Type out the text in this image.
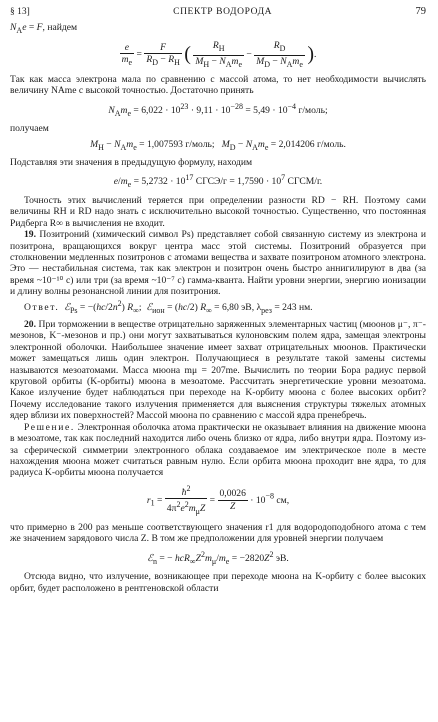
§ 13]	СПЕКТР ВОДОРОДА	79

$N_Ae = F$, найдем

$\frac{e}{m_e} = \frac{F}{R_D - R_H}$ ( $\frac{R_H}{M_H - N_Am_e} - \frac{R_D}{M_D - N_Am_e}$ ).

Так как масса электрона мала по сравнению с массой атома, то нет необходимости вычислять величину NAme с высокой точностью. Достаточно принять

$N_Am_e = 6,022 \cdot 10^{23} \cdot 9,11 \cdot 10^{-28} = 5,49 \cdot 10^{-4}$ г/моль;

получаем

$M_H - N_Am_e = 1,007593$ г/моль;   $M_D - N_Am_e = 2,014206$ г/моль.

Подставляя эти значения в предыдущую формулу, находим

$e/m_e = 5,2732 \cdot 10^{17}$ СГСЭ/г = $1,7590 \cdot 10^7$ СГСМ/г.

Точность этих вычислений теряется при определении разности RD − RH. Поэтому сами величины RH и RD надо знать с исключительно высокой точностью. Существенно, что постоянная Ридберга R∞ в вычисления не входит.

19. Позитроний (химический символ Ps) представляет собой связанную систему из электрона и позитрона, вращающихся вокруг центра масс этой системы. Позитроний образуется при столкновении медленных позитронов с атомами вещества и захвате позитроном атомного электрона. Это — нестабильная система, так как электрон и позитрон очень быстро аннигилируют в два (за время ~10⁻¹⁰ с) или три (за время ~10⁻⁷ с) гамма-кванта. Найти уровни энергии, энергию ионизации и длину волны резонансной линии для позитрония.

Ответ. ℰ$_{Ps}$ = $-(hc/2n^2)$ $R_\infty$;  ℰ$_{ион}$ = (hc/2) $R_\infty = 6,80$ эВ, $\lambda_{рез} = 243$ нм.

20. При торможении в веществе отрицательно заряженных элементарных частиц (мюонов μ⁻, π⁻-мезонов, K⁻-мезонов и пр.) они могут захватываться кулоновским полем ядра, замещая электроны электронной оболочки. Наибольшее значение имеет захват отрицательных мюонов. Практически может замещаться лишь один электрон. Получающиеся в результате такой замены системы называются мезоатомами. Масса мюона mμ = 207me. Вычислить по теории Бора радиус первой круговой орбиты (K-орбиты) мюона в мезоатоме. Рассчитать энергетические уровни мезоатома. Какое излучение будет наблюдаться при переходе на K-орбиту мюона с более высоких орбит? Почему исследование такого излучения применяется для выяснения структуры тяжелых атомных ядер вблизи их поверхностей? Массой мюона по сравнению с массой ядра пренебречь.

Решение. Электронная оболочка атома практически не оказывает влияния на движение мюона в мезоатоме, так как последний находится либо очень близко от ядра, либо внутри ядра. Поэтому из-за сферической симметрии электронного облака создаваемое им электрическое поле в месте нахождения мюона может считаться равным нулю. Если орбита мюона проходит вне ядра, то для радиуса K-орбиты мюона получается

$r_1 = \frac{ħ^2}{4\pi^2e^2m_\mu Z} = \frac{0,0026}{Z} \cdot 10^{-8}$ см,

что примерно в 200 раз меньше соответствующего значения r1 для водородоподобного атома с тем же значением зарядового числа Z. В том же предположении для уровней энергии получаем

ℰ$_n$ = − $hcR_\infty Z^2m_\mu/m_e = -2820Z^2$ эВ.

Отсюда видно, что излучение, возникающее при переходе мюона на K-орбиту с более высоких орбит, будет расположено в рентгеновской области
